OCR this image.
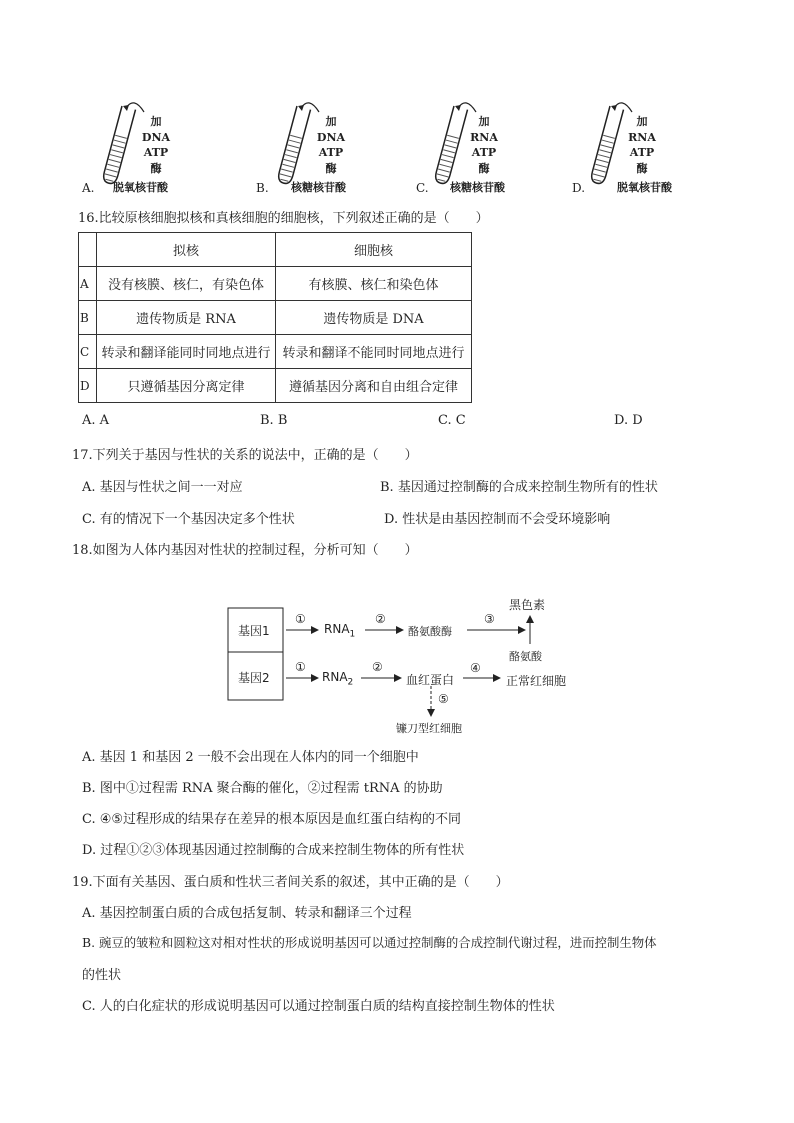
加
DNA
ATP
酶
A. 脱氧核苷酸
加
DNA
ATP
酶
B. 核糖核苷酸
加
RNA
ATP
酶
C. 核糖核苷酸
加
RNA
ATP
酶
D.	脱氧核苷酸
16.比较原核细胞拟核和真核细胞的细胞核，下列叙述正确的是（　　）
	拟核	细胞核
A	没有核膜、核仁，有染色体	有核膜、核仁和染色体
B	遗传物质是 RNA	遗传物质是 DNA
C	转录和翻译能同时同地点进行	转录和翻译不能同时同地点进行
D	只遵循基因分离定律	遵循基因分离和自由组合定律
A. A	B. B	C. C	D. D
17.下列关于基因与性状的关系的说法中，正确的是（　　）
A. 基因与性状之间一一对应	B. 基因通过控制酶的合成来控制生物所有的性状
C. 有的情况下一个基因决定多个性状	D. 性状是由基因控制而不会受环境影响
18.如图为人体内基因对性状的控制过程，分析可知（　　）
基因1
基因2
①
$RNA_1$
②
酪氨酸酶
③
黑色素
酪氨酸
①
$RNA_2$
②
血红蛋白
④
正常红细胞
⑤
镰刀型红细胞
A. 基因 1 和基因 2 一般不会出现在人体内的同一个细胞中
B. 图中①过程需 RNA 聚合酶的催化，②过程需 tRNA 的协助
C. ④⑤过程形成的结果存在差异的根本原因是血红蛋白结构的不同
D. 过程①②③体现基因通过控制酶的合成来控制生物体的所有性状
19.下面有关基因、蛋白质和性状三者间关系的叙述，其中正确的是（　　）
A. 基因控制蛋白质的合成包括复制、转录和翻译三个过程
B. 豌豆的皱粒和圆粒这对相对性状的形成说明基因可以通过控制酶的合成控制代谢过程，进而控制生物体
的性状
C. 人的白化症状的形成说明基因可以通过控制蛋白质的结构直接控制生物体的性状
